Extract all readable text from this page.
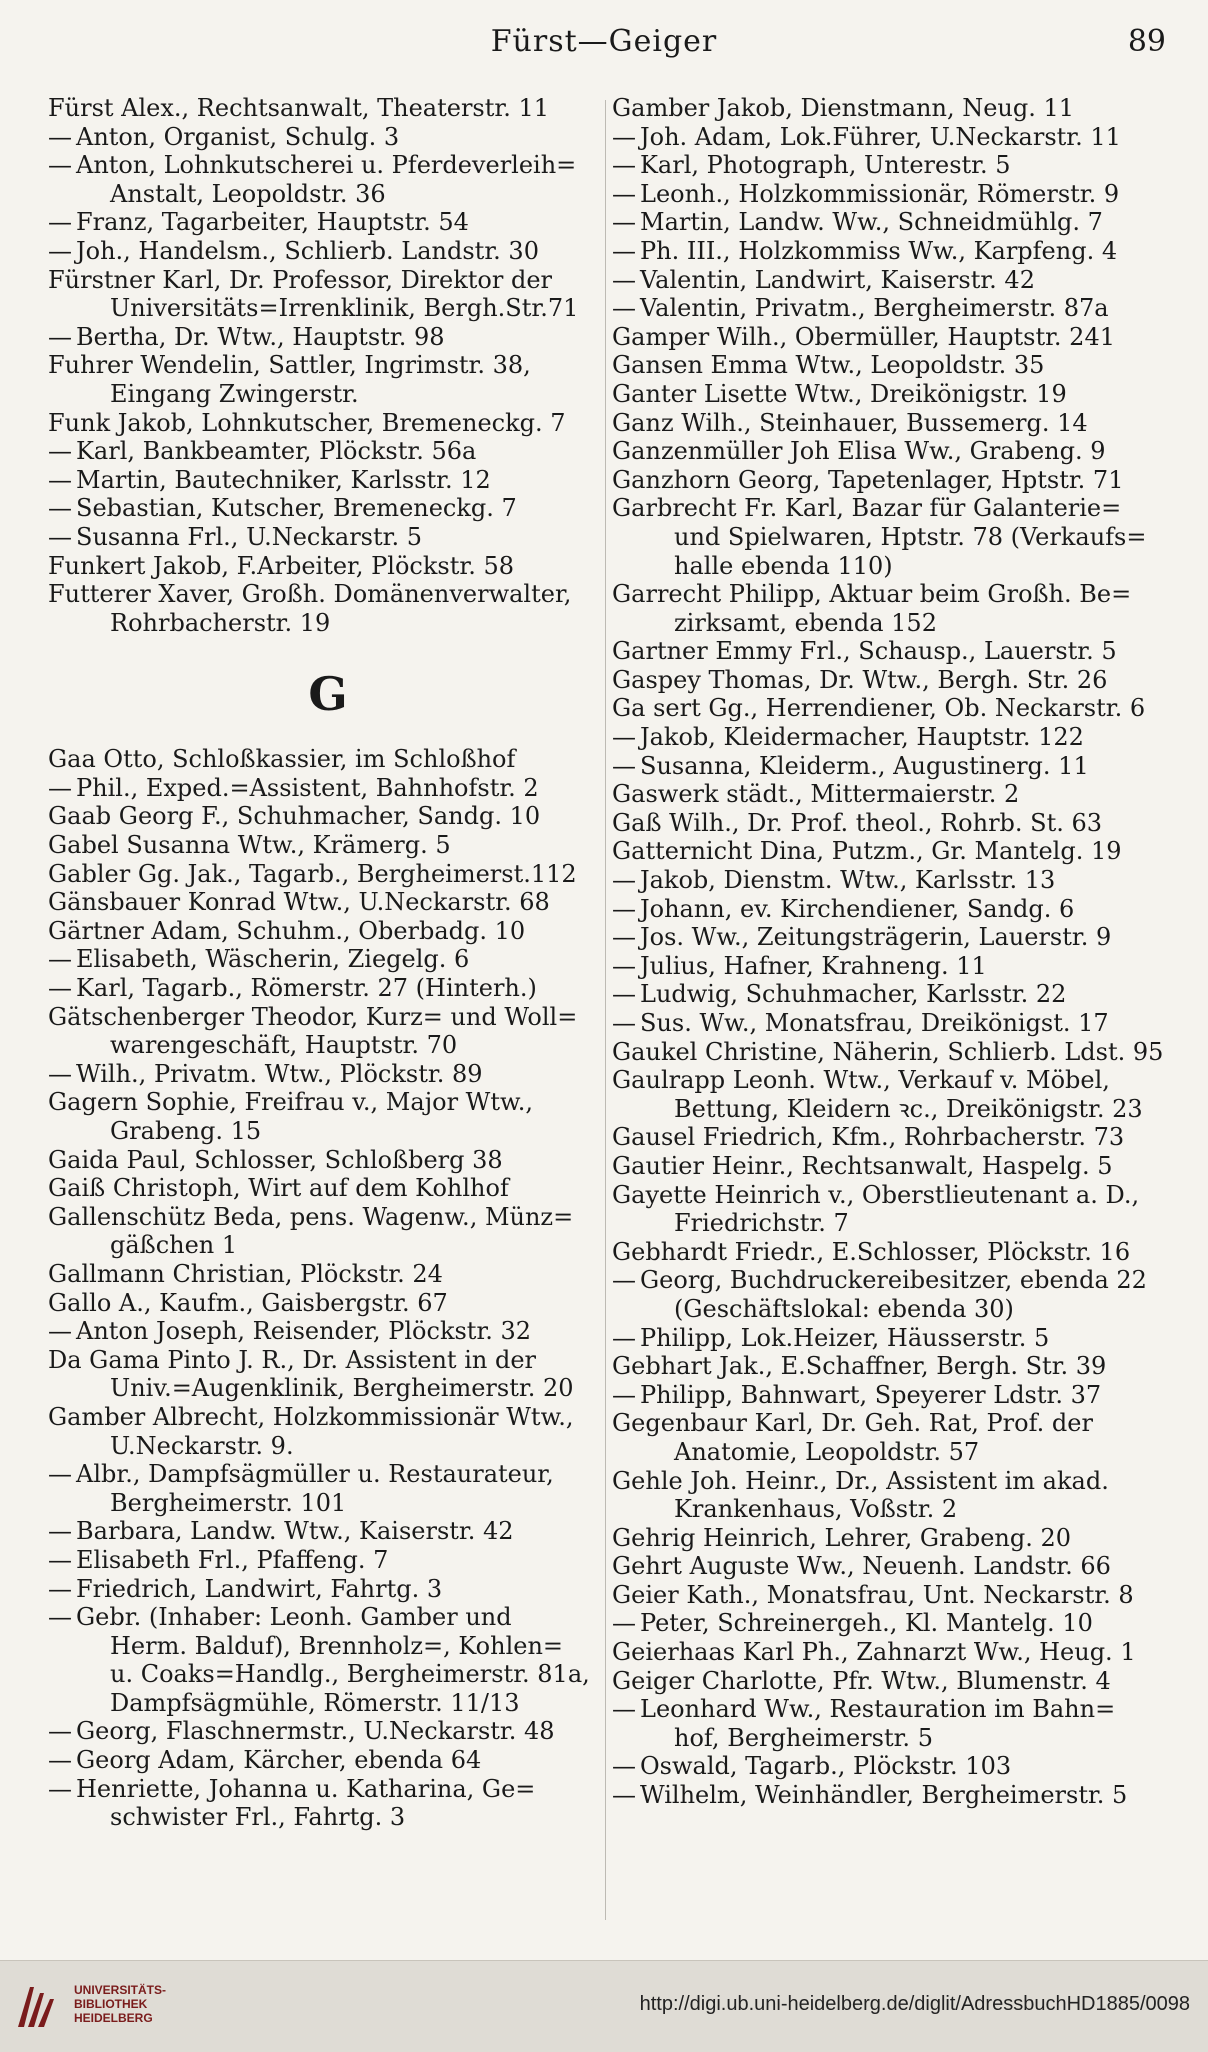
Fürst—Geiger	89
Fürst Alex., Rechtsanwalt, Theaterstr. 11
— Anton, Organist, Schulg. 3
— Anton, Lohnkutscherei u. Pferdeverleih=
Anstalt, Leopoldstr. 36
— Franz, Tagarbeiter, Hauptstr. 54
— Joh., Handelsm., Schlierb. Landstr. 30
Fürstner Karl, Dr. Professor, Direktor der
Universitäts=Irrenklinik, Bergh.Str.71
— Bertha, Dr. Wtw., Hauptstr. 98
Fuhrer Wendelin, Sattler, Ingrimstr. 38,
Eingang Zwingerstr.
Funk Jakob, Lohnkutscher, Bremeneckg. 7
— Karl, Bankbeamter, Plöckstr. 56a
— Martin, Bautechniker, Karlsstr. 12
— Sebastian, Kutscher, Bremeneckg. 7
— Susanna Frl., U.Neckarstr. 5
Funkert Jakob, F.Arbeiter, Plöckstr. 58
Futterer Xaver, Großh. Domänenverwalter,
Rohrbacherstr. 19
G
Gaa Otto, Schloßkassier, im Schloßhof
— Phil., Exped.=Assistent, Bahnhofstr. 2
Gaab Georg F., Schuhmacher, Sandg. 10
Gabel Susanna Wtw., Krämerg. 5
Gabler Gg. Jak., Tagarb., Bergheimerst.112
Gänsbauer Konrad Wtw., U.Neckarstr. 68
Gärtner Adam, Schuhm., Oberbadg. 10
— Elisabeth, Wäscherin, Ziegelg. 6
— Karl, Tagarb., Römerstr. 27 (Hinterh.)
Gätschenberger Theodor, Kurz= und Woll=
warengeschäft, Hauptstr. 70
— Wilh., Privatm. Wtw., Plöckstr. 89
Gagern Sophie, Freifrau v., Major Wtw.,
Grabeng. 15
Gaida Paul, Schlosser, Schloßberg 38
Gaiß Christoph, Wirt auf dem Kohlhof
Gallenschütz Beda, pens. Wagenw., Münz=
gäßchen 1
Gallmann Christian, Plöckstr. 24
Gallo A., Kaufm., Gaisbergstr. 67
— Anton Joseph, Reisender, Plöckstr. 32
Da Gama Pinto J. R., Dr. Assistent in der
Univ.=Augenklinik, Bergheimerstr. 20
Gamber Albrecht, Holzkommissionär Wtw.,
U.Neckarstr. 9.
— Albr., Dampfsägmüller u. Restaurateur,
Bergheimerstr. 101
— Barbara, Landw. Wtw., Kaiserstr. 42
— Elisabeth Frl., Pfaffeng. 7
— Friedrich, Landwirt, Fahrtg. 3
— Gebr. (Inhaber: Leonh. Gamber und
Herm. Balduf), Brennholz=, Kohlen=
u. Coaks=Handlg., Bergheimerstr. 81a,
Dampfsägmühle, Römerstr. 11/13
— Georg, Flaschnermstr., U.Neckarstr. 48
— Georg Adam, Kärcher, ebenda 64
— Henriette, Johanna u. Katharina, Ge=
schwister Frl., Fahrtg. 3
Gamber Jakob, Dienstmann, Neug. 11
— Joh. Adam, Lok.Führer, U.Neckarstr. 11
— Karl, Photograph, Unterestr. 5
— Leonh., Holzkommissionär, Römerstr. 9
— Martin, Landw. Ww., Schneidmühlg. 7
— Ph. III., Holzkommiss Ww., Karpfeng. 4
— Valentin, Landwirt, Kaiserstr. 42
— Valentin, Privatm., Bergheimerstr. 87a
Gamper Wilh., Obermüller, Hauptstr. 241
Gansen Emma Wtw., Leopoldstr. 35
Ganter Lisette Wtw., Dreikönigstr. 19
Ganz Wilh., Steinhauer, Bussemerg. 14
Ganzenmüller Joh Elisa Ww., Grabeng. 9
Ganzhorn Georg, Tapetenlager, Hptstr. 71
Garbrecht Fr. Karl, Bazar für Galanterie=
und Spielwaren, Hptstr. 78 (Verkaufs=
halle ebenda 110)
Garrecht Philipp, Aktuar beim Großh. Be=
zirksamt, ebenda 152
Gartner Emmy Frl., Schausp., Lauerstr. 5
Gaspey Thomas, Dr. Wtw., Bergh. Str. 26
Ga sert Gg., Herrendiener, Ob. Neckarstr. 6
— Jakob, Kleidermacher, Hauptstr. 122
— Susanna, Kleiderm., Augustinerg. 11
Gaswerk städt., Mittermaierstr. 2
Gaß Wilh., Dr. Prof. theol., Rohrb. St. 63
Gatternicht Dina, Putzm., Gr. Mantelg. 19
— Jakob, Dienstm. Wtw., Karlsstr. 13
— Johann, ev. Kirchendiener, Sandg. 6
— Jos. Ww., Zeitungsträgerin, Lauerstr. 9
— Julius, Hafner, Krahneng. 11
— Ludwig, Schuhmacher, Karlsstr. 22
— Sus. Ww., Monatsfrau, Dreikönigst. 17
Gaukel Christine, Näherin, Schlierb. Ldst. 95
Gaulrapp Leonh. Wtw., Verkauf v. Möbel,
Bettung, Kleidern ꝛc., Dreikönigstr. 23
Gausel Friedrich, Kfm., Rohrbacherstr. 73
Gautier Heinr., Rechtsanwalt, Haspelg. 5
Gayette Heinrich v., Oberstlieutenant a. D.,
Friedrichstr. 7
Gebhardt Friedr., E.Schlosser, Plöckstr. 16
— Georg, Buchdruckereibesitzer, ebenda 22
(Geschäftslokal: ebenda 30)
— Philipp, Lok.Heizer, Häusserstr. 5
Gebhart Jak., E.Schaffner, Bergh. Str. 39
— Philipp, Bahnwart, Speyerer Ldstr. 37
Gegenbaur Karl, Dr. Geh. Rat, Prof. der
Anatomie, Leopoldstr. 57
Gehle Joh. Heinr., Dr., Assistent im akad.
Krankenhaus, Voßstr. 2
Gehrig Heinrich, Lehrer, Grabeng. 20
Gehrt Auguste Ww., Neuenh. Landstr. 66
Geier Kath., Monatsfrau, Unt. Neckarstr. 8
— Peter, Schreinergeh., Kl. Mantelg. 10
Geierhaas Karl Ph., Zahnarzt Ww., Heug. 1
Geiger Charlotte, Pfr. Wtw., Blumenstr. 4
— Leonhard Ww., Restauration im Bahn=
hof, Bergheimerstr. 5
— Oswald, Tagarb., Plöckstr. 103
— Wilhelm, Weinhändler, Bergheimerstr. 5
UNIVERSITÄTS-
BIBLIOTHEK
HEIDELBERG
http://digi.ub.uni-heidelberg.de/diglit/AdressbuchHD1885/0098
